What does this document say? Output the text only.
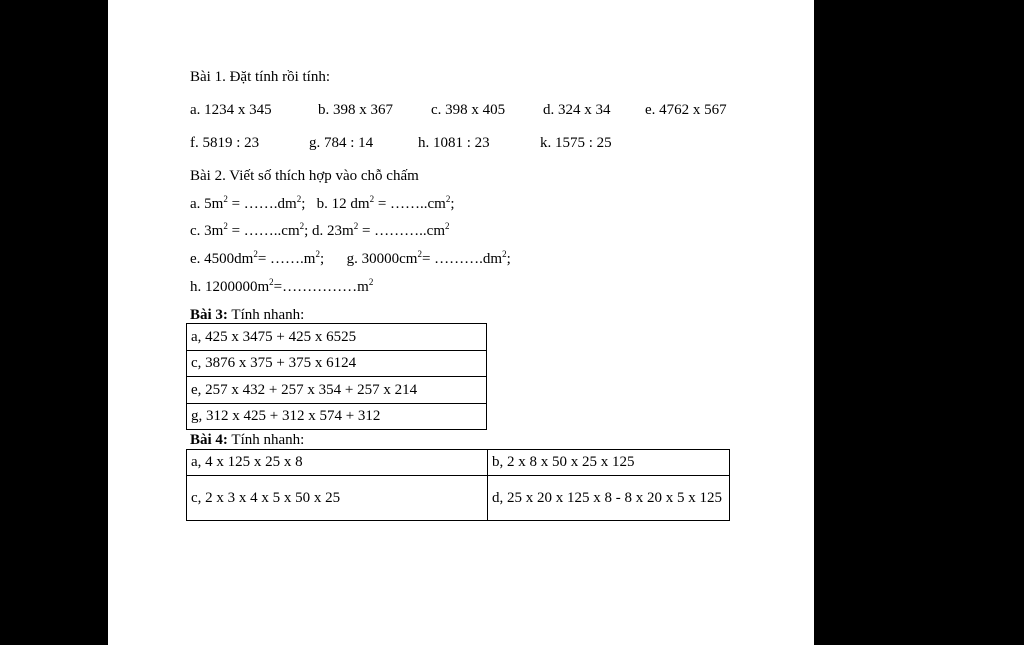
Bài 1. Đặt tính rồi tính:
a. 1234 x 345	b. 398 x 367	c. 398 x 405	d. 324 x 34 e. 4762 x 567
f. 5819 : 23	g. 784 : 14	h. 1081 : 23	k. 1575 : 25
Bài 2. Viết số thích hợp vào chỗ chấm
a. $5m^2$ = $\dots\dots.dm^2$; b. 12 $dm^2$ = $\dots\dots..cm^2$;
c. $3m^2$ = $\dots\dots..cm^2$; d. $23m^2$ = $\dots\dots\dots..cm^2$
e. $4500dm^2=$ $\dots\dots.m^2$; g. $30000cm^2=$ $\dots\dots\dots.dm^2$;
h. $1200000m^2=\dots\dots\dots\dots\dots m^2$
Bài 3: Tính nhanh:
a, 425 x 3475 + 425 x 6525
c, 3876 x 375 + 375 x 6124
e, 257 x 432 + 257 x 354 + 257 x 214
g, 312 x 425 + 312 x 574 + 312
Bài 4: Tính nhanh:
a, 4 x 125 x 25 x 8	b, 2 x 8 x 50 x 25 x 125
c, 2 x 3 x 4 x 5 x 50 x 25	d, 25 x 20 x 125 x 8 - 8 x 20 x 5 x 125
